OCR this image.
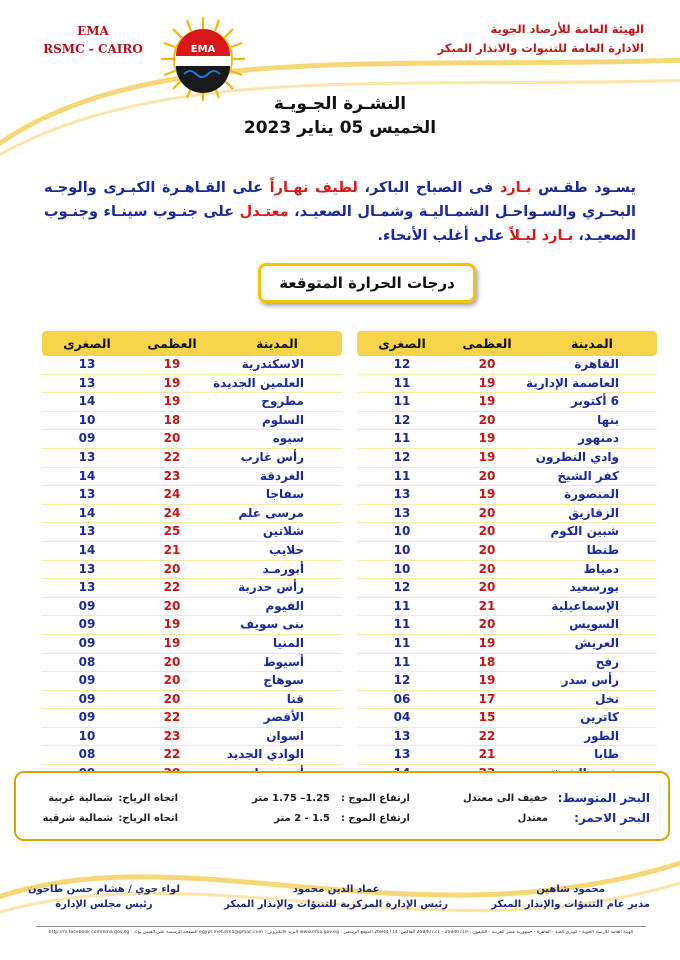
EMA
RSMC - CAIRO	EMA
الهيئة العامة للأرصاد الجوية
الادارة العامة للتنبوات والانذار المبكر
النشـرة الجـويـة
الخميس 05 يناير 2023
يسـود طقـس بـارد فى الصباح الباكر، لطيف نهـاراً على القـاهـرة الكبـرى والوجـه البحـري والسـواحـل الشمـاليـة وشمـال الصعيـد، معتـدل على جنـوب سينـاء وجنـوب الصعيـد، بـارد ليـلاً على أغلب الأنحاء.
درجات الحرارة المتوقعة
المدينة
العظمى
الصغرى
القاهرة
20
12
العاصمة الإدارية
19
11
6 أكتوبر
19
11
بنها
20
12
دمنهور
19
11
وادي النطرون
19
12
كفر الشيخ
20
11
المنصورة
19
13
الزقازيق
20
13
شبين الكوم
20
10
طنطا
20
10
دمياط
20
10
بورسعيد
20
12
الإسماعيلية
21
11
السويس
20
11
العريش
19
11
رفح
18
11
رأس سدر
19
12
نخل
17
06
كاترين
15
04
الطور
22
13
طابا
21
13
المدينة
العظمى
الصغرى
الاسكندرية
19
13
العلمين الجديدة
19
13
مطروح
19
14
السلوم
18
10
سيوه
20
09
رأس غارب
22
13
الغردقة
23
14
سفاجا
24
13
مرسى علم
24
14
شلاتين
25
13
حلايب
21
14
أبورمـد
20
13
رأس حدربة
22
13
الفيوم
20
09
بنى سويف
19
09
المنيا
19
09
أسيوط
20
08
سوهاج
20
09
قنا
20
09
الأقصر
22
09
اسوان
23
10
الوادي الجديد
22
08
البحر المتوسط:
خفيف الى معتدل
ارتفاع الموج :
1.25– 1.75 متر
اتجاه الرياح:
شمالية غربية
البحر الاحمر:
معتدل
ارتفاع الموج :
1.5 - 2 متر
اتجاه الرياح:
شمالية شرقية
محمود شاهين
مدير عام التنبؤات والإنذار المبكر
عماد الدين محمود
رئيس الإدارة المركزية للتنبؤات والإنذار المبكر
لواء جوي / هشام حسن طاحون
رئيس مجلس الإدارة
الهيئة العامة للأرصاد الجوية - كوبري القبة - القاهرة - جمهورية مصر العربية - التليفون : 26846719 - 26840721 الفاكس: 26844714 الموقع الرسمي : www.ema.gov.eg البريد الالكتروني : egypt.met.ema@gmail.com الصفحة الرسمية على الفيس بوك : http://m.facebook.com/ema.gov.eg
